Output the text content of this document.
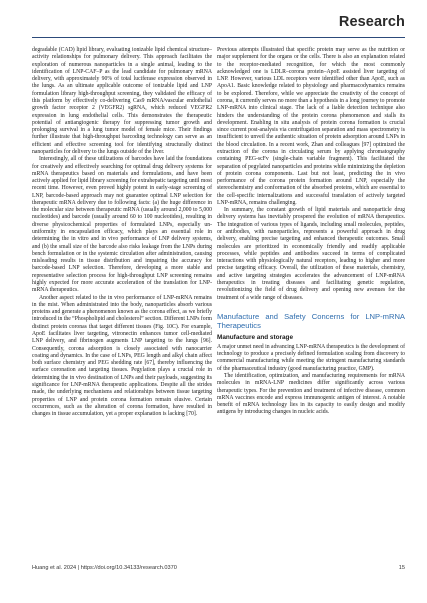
Research

degradable (CAD) lipid library, evaluating ionizable lipid chemical structure–activity relationships for pulmonary delivery. This approach facilitates the exploration of numerous nanoparticles in a single animal, leading to the identification of LNP-CAF–P as the lead candidate for pulmonary mRNA delivery, with approximately 90% of total luciferase expression observed in the lungs. As an ultimate applicable outcome of ionizable lipid and LNP formulation library high-throughput screening, they validated the efficacy of this platform by effectively co-delivering Cas9 mRNA/vascular endothelial growth factor receptor 2 (VEGFR2) sgRNA, which reduced VEGFR2 expression in lung endothelial cells. This demonstrates the therapeutic potential of antiangiogenic therapy for suppressing tumor growth and prolonging survival in a lung tumor model of female mice. Their findings further illustrate that high-throughput barcoding technology can serve as an efficient and effective screening tool for identifying structurally distinct nanoparticles for delivery to the lungs outside of the liver.

Interestingly, all of these utilizations of barcodes have laid the foundations for creatively and effectively searching for optimal drug delivery systems for mRNA therapeutics based on materials and formulations, and have been actively applied for lipid library screening for extrahepatic targeting until most recent time. However, even proved highly potent in early-stage screening of LNP, barcode-based approach may not guarantee optimal LNP selection for therapeutic mRNA delivery due to following facts: (a) the huge difference in the molecular size between therapeutic mRNA (usually around 2,000 to 5,000 nucleotides) and barcode (usually around 60 to 100 nucleotides), resulting in diverse physicochemical properties of formulated LNPs, especially un-uniformity in encapsulation efficacy, which plays an essential role in determining the in vitro and in vivo performance of LNP delivery systems, and (b) the small size of the barcode also risks leakage from the LNPs during bench formulation or in the systemic circulation after administration, causing misleading results in tissue distribution and impairing the accuracy for barcode-based LNP selection. Therefore, developing a more stable and representative selection process for high-throughput LNP screening remains highly expected for more accurate acceleration of the translation for LNP-mRNA therapeutics.

Another aspect related to the in vivo performance of LNP-mRNA remains in the mist. When administrated into the body, nanoparticles absorb various proteins and generate a phenomenon known as the corona effect, as we briefly introduced in the “Phospholipid and cholesterol” section. Different LNPs form distinct protein coronas that target different tissues (Fig. 10C). For example, ApoE facilitates liver targeting, vitronectin enhances tumor cell-mediated LNP delivery, and fibrinogen augments LNP targeting to the lungs [96]. Consequently, corona adsorption is closely associated with nanocarrier coating and dynamics. In the case of LNPs, PEG length and alkyl chain affect both surface chemistry and PEG shedding rate [67], thereby influencing the surface coronation and targeting tissues. Pegylation plays a crucial role in determining the in vivo destination of LNPs and their payloads, suggesting its significance for LNP-mRNA therapeutic applications. Despite all the strides made, the underlying mechanisms and relationships between tissue targeting properties of LNP and protein corona formation remain elusive. Certain occurrences, such as the alteration of corona formation, have resulted in changes in tissue accumulation, yet a proper explanation is lacking [70].

Previous attempts illustrated that specific protein may serve as the nutrition or major supplement for the organs or the cells. There is also an explanation related to the receptor-mediated recognition, for which the most commonly acknowledged one is LDLR–corona protein–ApoE assisted liver targeting of LNP. However, various LDL receptors were identified other than ApoE, such as ApoA1. Basic knowledge related to physiology and pharmacodynamics remains to be explored. Therefore, while we appreciate the creativity of the concept of corona, it currently serves no more than a hypothesis in a long journey to promote LNP-mRNA into clinical stage. The lack of a liable detection technique also hinders the understanding of the protein corona phenomenon and stalls its development. Enabling in situ analysis of protein corona formation is crucial since current post-analysis via centrifugation separation and mass spectrometry is insufficient to unveil the authentic situation of protein adsorption around LNPs in the blood circulation. In a recent work, Zhan and colleagues [97] optimized the extraction of the corona in circulating serum by applying chromatography containing PEG-scFv (single-chain variable fragment). This facilitated the separation of pegylated nanoparticles and proteins while minimizing the depletion of protein corona components. Last but not least, predicting the in vivo performance of the corona protein formation around LNP, especially the stereochemistry and conformation of the absorbed proteins, which are essential to the cell-specific internalizations and successful translation of actively targeted LNP-mRNA, remains challenging.

In summary, the constant growth of lipid materials and nanoparticle drug delivery systems has inevitably prospered the evolution of mRNA therapeutics. The integration of various types of ligands, including small molecules, peptides, or antibodies, with nanoparticles, represents a powerful approach in drug delivery, enabling precise targeting and enhanced therapeutic outcomes. Small molecules are prioritized in economically friendly and readily applicable processes, while peptides and antibodies succeed in terms of complicated interactions with physiologically natural receptors, leading to higher and more precise targeting efficacy. Overall, the utilization of these materials, chemistry, and active targeting strategies accelerates the advancement of LNP-mRNA therapeutics in treating diseases and facilitating genetic regulation, revolutionizing the field of drug delivery and opening new avenues for the treatment of a wide range of diseases.

Manufacture and Safety Concerns for LNP-mRNA Therapeutics
Manufacture and storage

A major unmet need in advancing LNP-mRNA therapeutics is the development of technology to produce a precisely defined formulation scaling from discovery to commercial manufacturing while meeting the stringent manufacturing standards of the pharmaceutical industry (good manufacturing practice, GMP).

The identification, optimization, and manufacturing requirements for mRNA molecules in mRNA-LNP medicines differ significantly across various therapeutic types. For the prevention and treatment of infective disease, common mRNA vaccines encode and express immunogenic antigen of interest. A notable benefit of mRNA technology lies in its capacity to easily design and modify antigens by introducing changes in nucleic acids.

Huang et al. 2024 | https://doi.org/10.34133/research.0370	15
